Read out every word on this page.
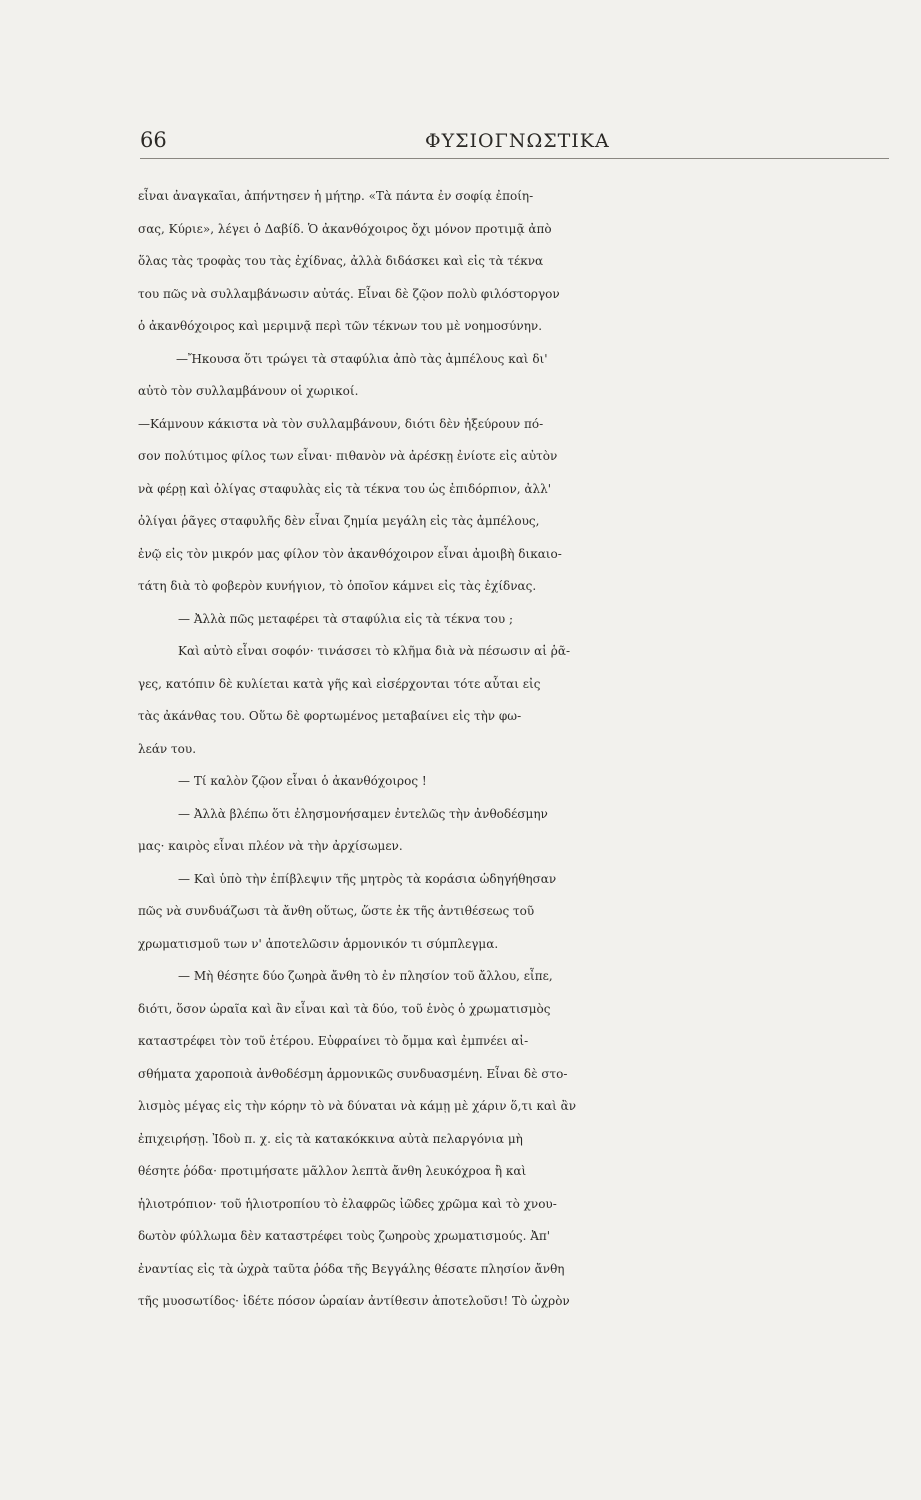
66	ΦΥΣΙΟΓΝΩΣΤΙΚΑ
εἶναι ἀναγκαῖαι, ἀπήντησεν ἡ μήτηρ. «Τὰ πάντα ἐν σοφίᾳ ἐποίη-
σας, Κύριε», λέγει ὁ Δαβίδ. Ὁ ἀκανθόχοιρος ὄχι μόνον προτιμᾷ ἀπὸ
ὅλας τὰς τροφὰς του τὰς ἐχίδνας, ἀλλὰ διδάσκει καὶ εἰς τὰ τέκνα
του πῶς νὰ συλλαμβάνωσιν αὐτάς. Εἶναι δὲ ζῷον πολὺ φιλόστοργον
ὁ ἀκανθόχοιρος καὶ μεριμνᾷ περὶ τῶν τέκνων του μὲ νοημοσύνην.
—Ἤκουσα ὅτι τρώγει τὰ σταφύλια ἀπὸ τὰς ἀμπέλους καὶ δι'
αὐτὸ τὸν συλλαμβάνουν οἱ χωρικοί.
—Κάμνουν κάκιστα νὰ τὸν συλλαμβάνουν, διότι δὲν ἠξεύρουν πό-
σον πολύτιμος φίλος των εἶναι· πιθανὸν νὰ ἀρέσκῃ ἐνίοτε εἰς αὐτὸν
νὰ φέρῃ καὶ ὀλίγας σταφυλὰς εἰς τὰ τέκνα του ὡς ἐπιδόρπιον, ἀλλ'
ὀλίγαι ῥᾶγες σταφυλῆς δὲν εἶναι ζημία μεγάλη εἰς τὰς ἀμπέλους,
ἐνῷ εἰς τὸν μικρόν μας φίλον τὸν ἀκανθόχοιρον εἶναι ἀμοιβὴ δικαιο-
τάτη διὰ τὸ φοβερὸν κυνήγιον, τὸ ὁποῖον κάμνει εἰς τὰς ἐχίδνας.
— Ἀλλὰ πῶς μεταφέρει τὰ σταφύλια εἰς τὰ τέκνα του ;
Καὶ αὐτὸ εἶναι σοφόν· τινάσσει τὸ κλῆμα διὰ νὰ πέσωσιν αἱ ῥᾶ-
γες, κατόπιν δὲ κυλίεται κατὰ γῆς καὶ εἰσέρχονται τότε αὗται εἰς
τὰς ἀκάνθας του. Οὕτω δὲ φορτωμένος μεταβαίνει εἰς τὴν φω-
λεάν του.
— Τί καλὸν ζῷον εἶναι ὁ ἀκανθόχοιρος !
— Ἀλλὰ βλέπω ὅτι ἐλησμονήσαμεν ἐντελῶς τὴν ἀνθοδέσμην
μας· καιρὸς εἶναι πλέον νὰ τὴν ἀρχίσωμεν.
— Καὶ ὑπὸ τὴν ἐπίβλεψιν τῆς μητρὸς τὰ κοράσια ὡδηγήθησαν
πῶς νὰ συνδυάζωσι τὰ ἄνθη οὕτως, ὥστε ἐκ τῆς ἀντιθέσεως τοῦ
χρωματισμοῦ των ν' ἀποτελῶσιν ἁρμονικόν τι σύμπλεγμα.
— Μὴ θέσητε δύο ζωηρὰ ἄνθη τὸ ἐν πλησίον τοῦ ἄλλου, εἶπε,
διότι, ὅσον ὡραῖα καὶ ἂν εἶναι καὶ τὰ δύο, τοῦ ἑνὸς ὁ χρωματισμὸς
καταστρέφει τὸν τοῦ ἑτέρου. Εὐφραίνει τὸ ὄμμα καὶ ἐμπνέει αἰ-
σθήματα χαροποιὰ ἀνθοδέσμη ἁρμονικῶς συνδυασμένη. Εἶναι δὲ στο-
λισμὸς μέγας εἰς τὴν κόρην τὸ νὰ δύναται νὰ κάμῃ μὲ χάριν ὅ,τι καὶ ἂν
ἐπιχειρήσῃ. Ἰδοὺ π. χ. εἰς τὰ κατακόκκινα αὐτὰ πελαργόνια μὴ
θέσητε ῥόδα· προτιμήσατε μᾶλλον λεπτὰ ἄνθη λευκόχροα ἢ καὶ
ἡλιοτρόπιον· τοῦ ἡλιοτροπίου τὸ ἐλαφρῶς ἰῶδες χρῶμα καὶ τὸ χνου-
δωτὸν φύλλωμα δὲν καταστρέφει τοὺς ζωηροὺς χρωματισμούς. Ἀπ'
ἐναντίας εἰς τὰ ὠχρὰ ταῦτα ῥόδα τῆς Βεγγάλης θέσατε πλησίον ἄνθη
τῆς μυοσωτίδος· ἰδέτε πόσον ὡραίαν ἀντίθεσιν ἀποτελοῦσι! Τὸ ὠχρὸν
